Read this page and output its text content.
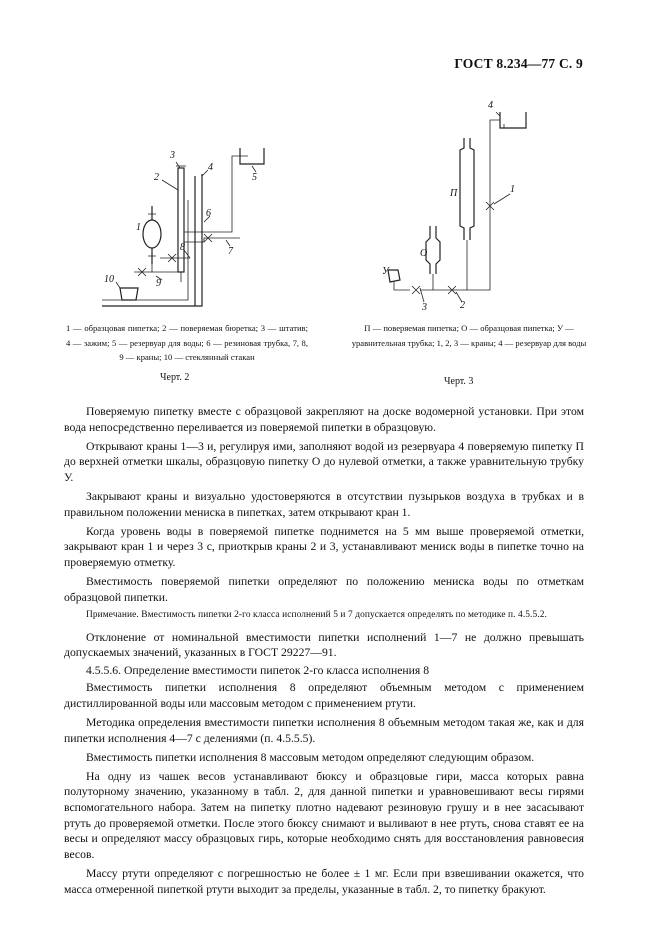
ГОСТ 8.234—77 С. 9
1
2
3
4
5
6
7
8
9
10
4
1
П
О
У
3	2
1 — образцовая пипетка; 2 — поверяемая бюретка; 3 — штатив; 4 — зажим; 5 — резервуар для воды; 6 — резиновая трубка, 7, 8, 9 — краны; 10 — стеклянный стакан
П — поверяемая пипетка; О — образцовая пипетка; У — уравнительная трубка; 1, 2, 3 — краны; 4 — резервуар для воды
Черт. 2	Черт. 3

Поверяемую пипетку вместе с образцовой закрепляют на доске водомерной установки. При этом вода непосредственно переливается из поверяемой пипетки в образцовую.

Открывают краны 1—3 и, регулируя ими, заполняют водой из резервуара 4 поверяемую пипетку П до верхней отметки шкалы, образцовую пипетку О до нулевой отметки, а также уравнительную трубку У.

Закрывают краны и визуально удостоверяются в отсутствии пузырьков воздуха в трубках и в правильном положении мениска в пипетках, затем открывают кран 1.

Когда уровень воды в поверяемой пипетке поднимется на 5 мм выше проверяемой отметки, закрывают кран 1 и через 3 с, приоткрыв краны 2 и 3, устанавливают мениск воды в пипетке точно на проверяемую отметку.

Вместимость поверяемой пипетки определяют по положению мениска воды по отметкам образцовой пипетки.

Примечание. Вместимость пипетки 2-го класса исполнений 5 и 7 допускается определять по методике п. 4.5.5.2.

Отклонение от номинальной вместимости пипетки исполнений 1—7 не должно превышать допускаемых значений, указанных в ГОСТ 29227—91.

4.5.5.6. Определение вместимости пипеток 2-го класса исполнения 8

Вместимость пипетки исполнения 8 определяют объемным методом с применением дистиллированной воды или массовым методом с применением ртути.

Методика определения вместимости пипетки исполнения 8 объемным методом такая же, как и для пипетки исполнения 4—7 с делениями (п. 4.5.5.5).

Вместимость пипетки исполнения 8 массовым методом определяют следующим образом.

На одну из чашек весов устанавливают бюксу и образцовые гири, масса которых равна полуторному значению, указанному в табл. 2, для данной пипетки и уравновешивают весы гирями вспомогательного набора. Затем на пипетку плотно надевают резиновую грушу и в нее засасывают ртуть до проверяемой отметки. После этого бюксу снимают и выливают в нее ртуть, снова ставят ее на весы и определяют массу образцовых гирь, которые необходимо снять для восстановления равновесия весов.

Массу ртути определяют с погрешностью не более ± 1 мг. Если при взвешивании окажется, что масса отмеренной пипеткой ртути выходит за пределы, указанные в табл. 2, то пипетку бракуют.
